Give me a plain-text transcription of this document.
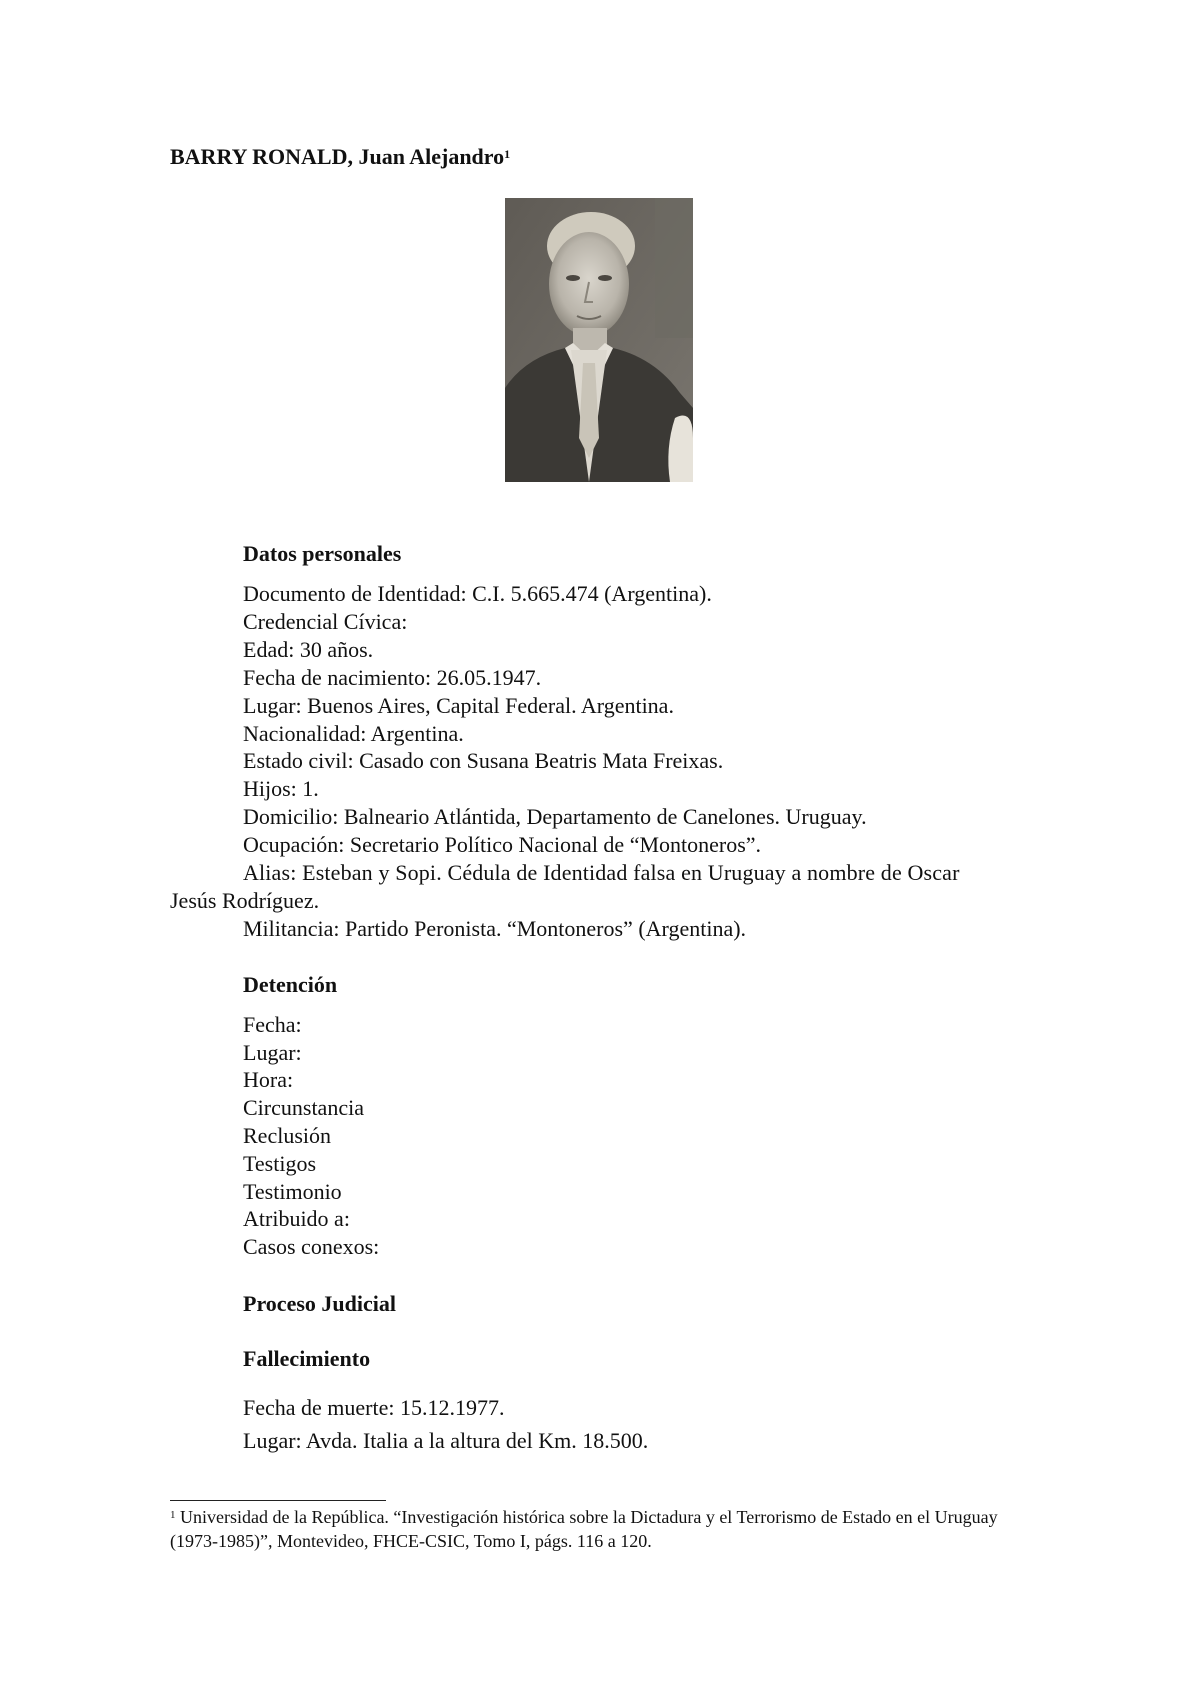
BARRY RONALD, Juan Alejandro$^1$
Datos personales
Documento de Identidad: C.I. 5.665.474 (Argentina).
Credencial Cívica:
Edad: 30 años.
Fecha de nacimiento: 26.05.1947.
Lugar: Buenos Aires, Capital Federal. Argentina.
Nacionalidad: Argentina.
Estado civil: Casado con Susana Beatris Mata Freixas.
Hijos: 1.
Domicilio: Balneario Atlántida, Departamento de Canelones. Uruguay.
Ocupación: Secretario Político Nacional de “Montoneros”.
Alias: Esteban y Sopi. Cédula de Identidad falsa en Uruguay a nombre de Oscar
Jesús Rodríguez.
Militancia: Partido Peronista. “Montoneros” (Argentina).
Detención
Fecha:
Lugar:
Hora:
Circunstancia
Reclusión
Testigos
Testimonio
Atribuido a:
Casos conexos:
Proceso Judicial
Fallecimiento
Fecha de muerte: 15.12.1977.
Lugar: Avda. Italia a la altura del Km. 18.500.
$^1$ Universidad de la República. “Investigación histórica sobre la Dictadura y el Terrorismo de Estado en el Uruguay (1973-1985)”, Montevideo, FHCE-CSIC, Tomo I, págs. 116 a 120.
